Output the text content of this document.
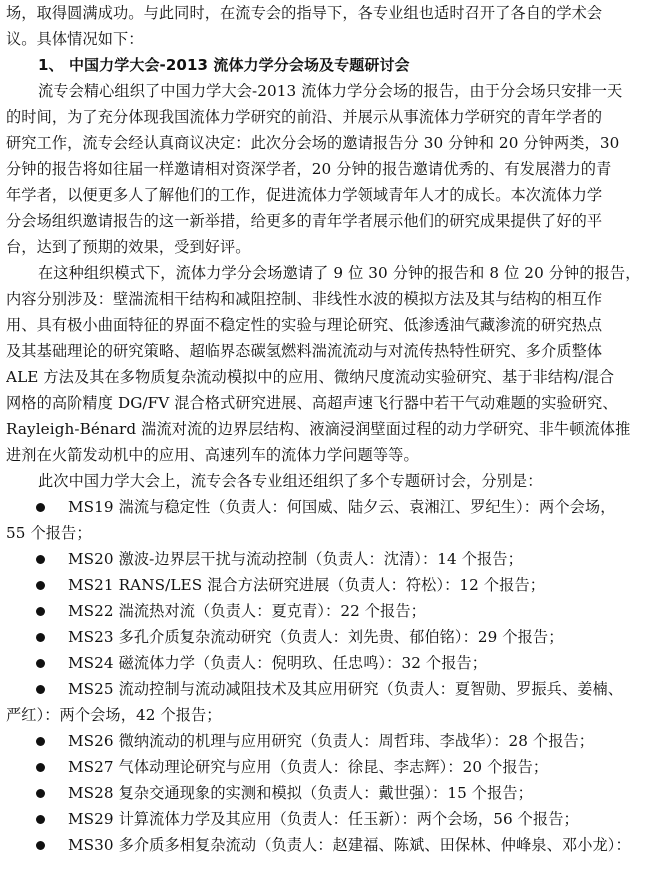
场，取得圆满成功。与此同时，在流专会的指导下，各专业组也适时召开了各自的学术会
议。具体情况如下：
1、 中国力学大会-2013 流体力学分会场及专题研讨会
流专会精心组织了中国力学大会-2013 流体力学分会场的报告，由于分会场只安排一天
的时间，为了充分体现我国流体力学研究的前沿、并展示从事流体力学研究的青年学者的
研究工作，流专会经认真商议决定：此次分会场的邀请报告分 30 分钟和 20 分钟两类，30
分钟的报告将如往届一样邀请相对资深学者，20 分钟的报告邀请优秀的、有发展潜力的青
年学者，以便更多人了解他们的工作，促进流体力学领域青年人才的成长。本次流体力学
分会场组织邀请报告的这一新举措，给更多的青年学者展示他们的研究成果提供了好的平
台，达到了预期的效果，受到好评。
在这种组织模式下，流体力学分会场邀请了 9 位 30 分钟的报告和 8 位 20 分钟的报告，
内容分别涉及：壁湍流相干结构和减阻控制、非线性水波的模拟方法及其与结构的相互作
用、具有极小曲面特征的界面不稳定性的实验与理论研究、低渗透油气藏渗流的研究热点
及其基础理论的研究策略、超临界态碳氢燃料湍流流动与对流传热特性研究、多介质整体
ALE 方法及其在多物质复杂流动模拟中的应用、微纳尺度流动实验研究、基于非结构/混合
网格的高阶精度 DG/FV 混合格式研究进展、高超声速飞行器中若干气动难题的实验研究、
Rayleigh-Bénard 湍流对流的边界层结构、液滴浸润壁面过程的动力学研究、非牛顿流体推
进剂在火箭发动机中的应用、高速列车的流体力学问题等等。
此次中国力学大会上，流专会各专业组还组织了多个专题研讨会，分别是：
MS19 湍流与稳定性（负责人：何国威、陆夕云、袁湘江、罗纪生）：两个会场，
55 个报告；
MS20 激波-边界层干扰与流动控制（负责人：沈清）：14 个报告；
MS21 RANS/LES 混合方法研究进展（负责人：符松）：12 个报告；
MS22 湍流热对流（负责人：夏克青）：22 个报告；
MS23 多孔介质复杂流动研究（负责人：刘先贵、郁伯铭）：29 个报告；
MS24 磁流体力学（负责人：倪明玖、任忠鸣）：32 个报告；
MS25 流动控制与流动减阻技术及其应用研究（负责人：夏智勋、罗振兵、姜楠、
严红）：两个会场，42 个报告；
MS26 微纳流动的机理与应用研究（负责人：周哲玮、李战华）：28 个报告；
MS27 气体动理论研究与应用（负责人：徐昆、李志辉）：20 个报告；
MS28 复杂交通现象的实测和模拟（负责人：戴世强）：15 个报告；
MS29 计算流体力学及其应用（负责人：任玉新）：两个会场，56 个报告；
MS30 多介质多相复杂流动（负责人：赵建福、陈斌、田保林、仲峰泉、邓小龙）：
